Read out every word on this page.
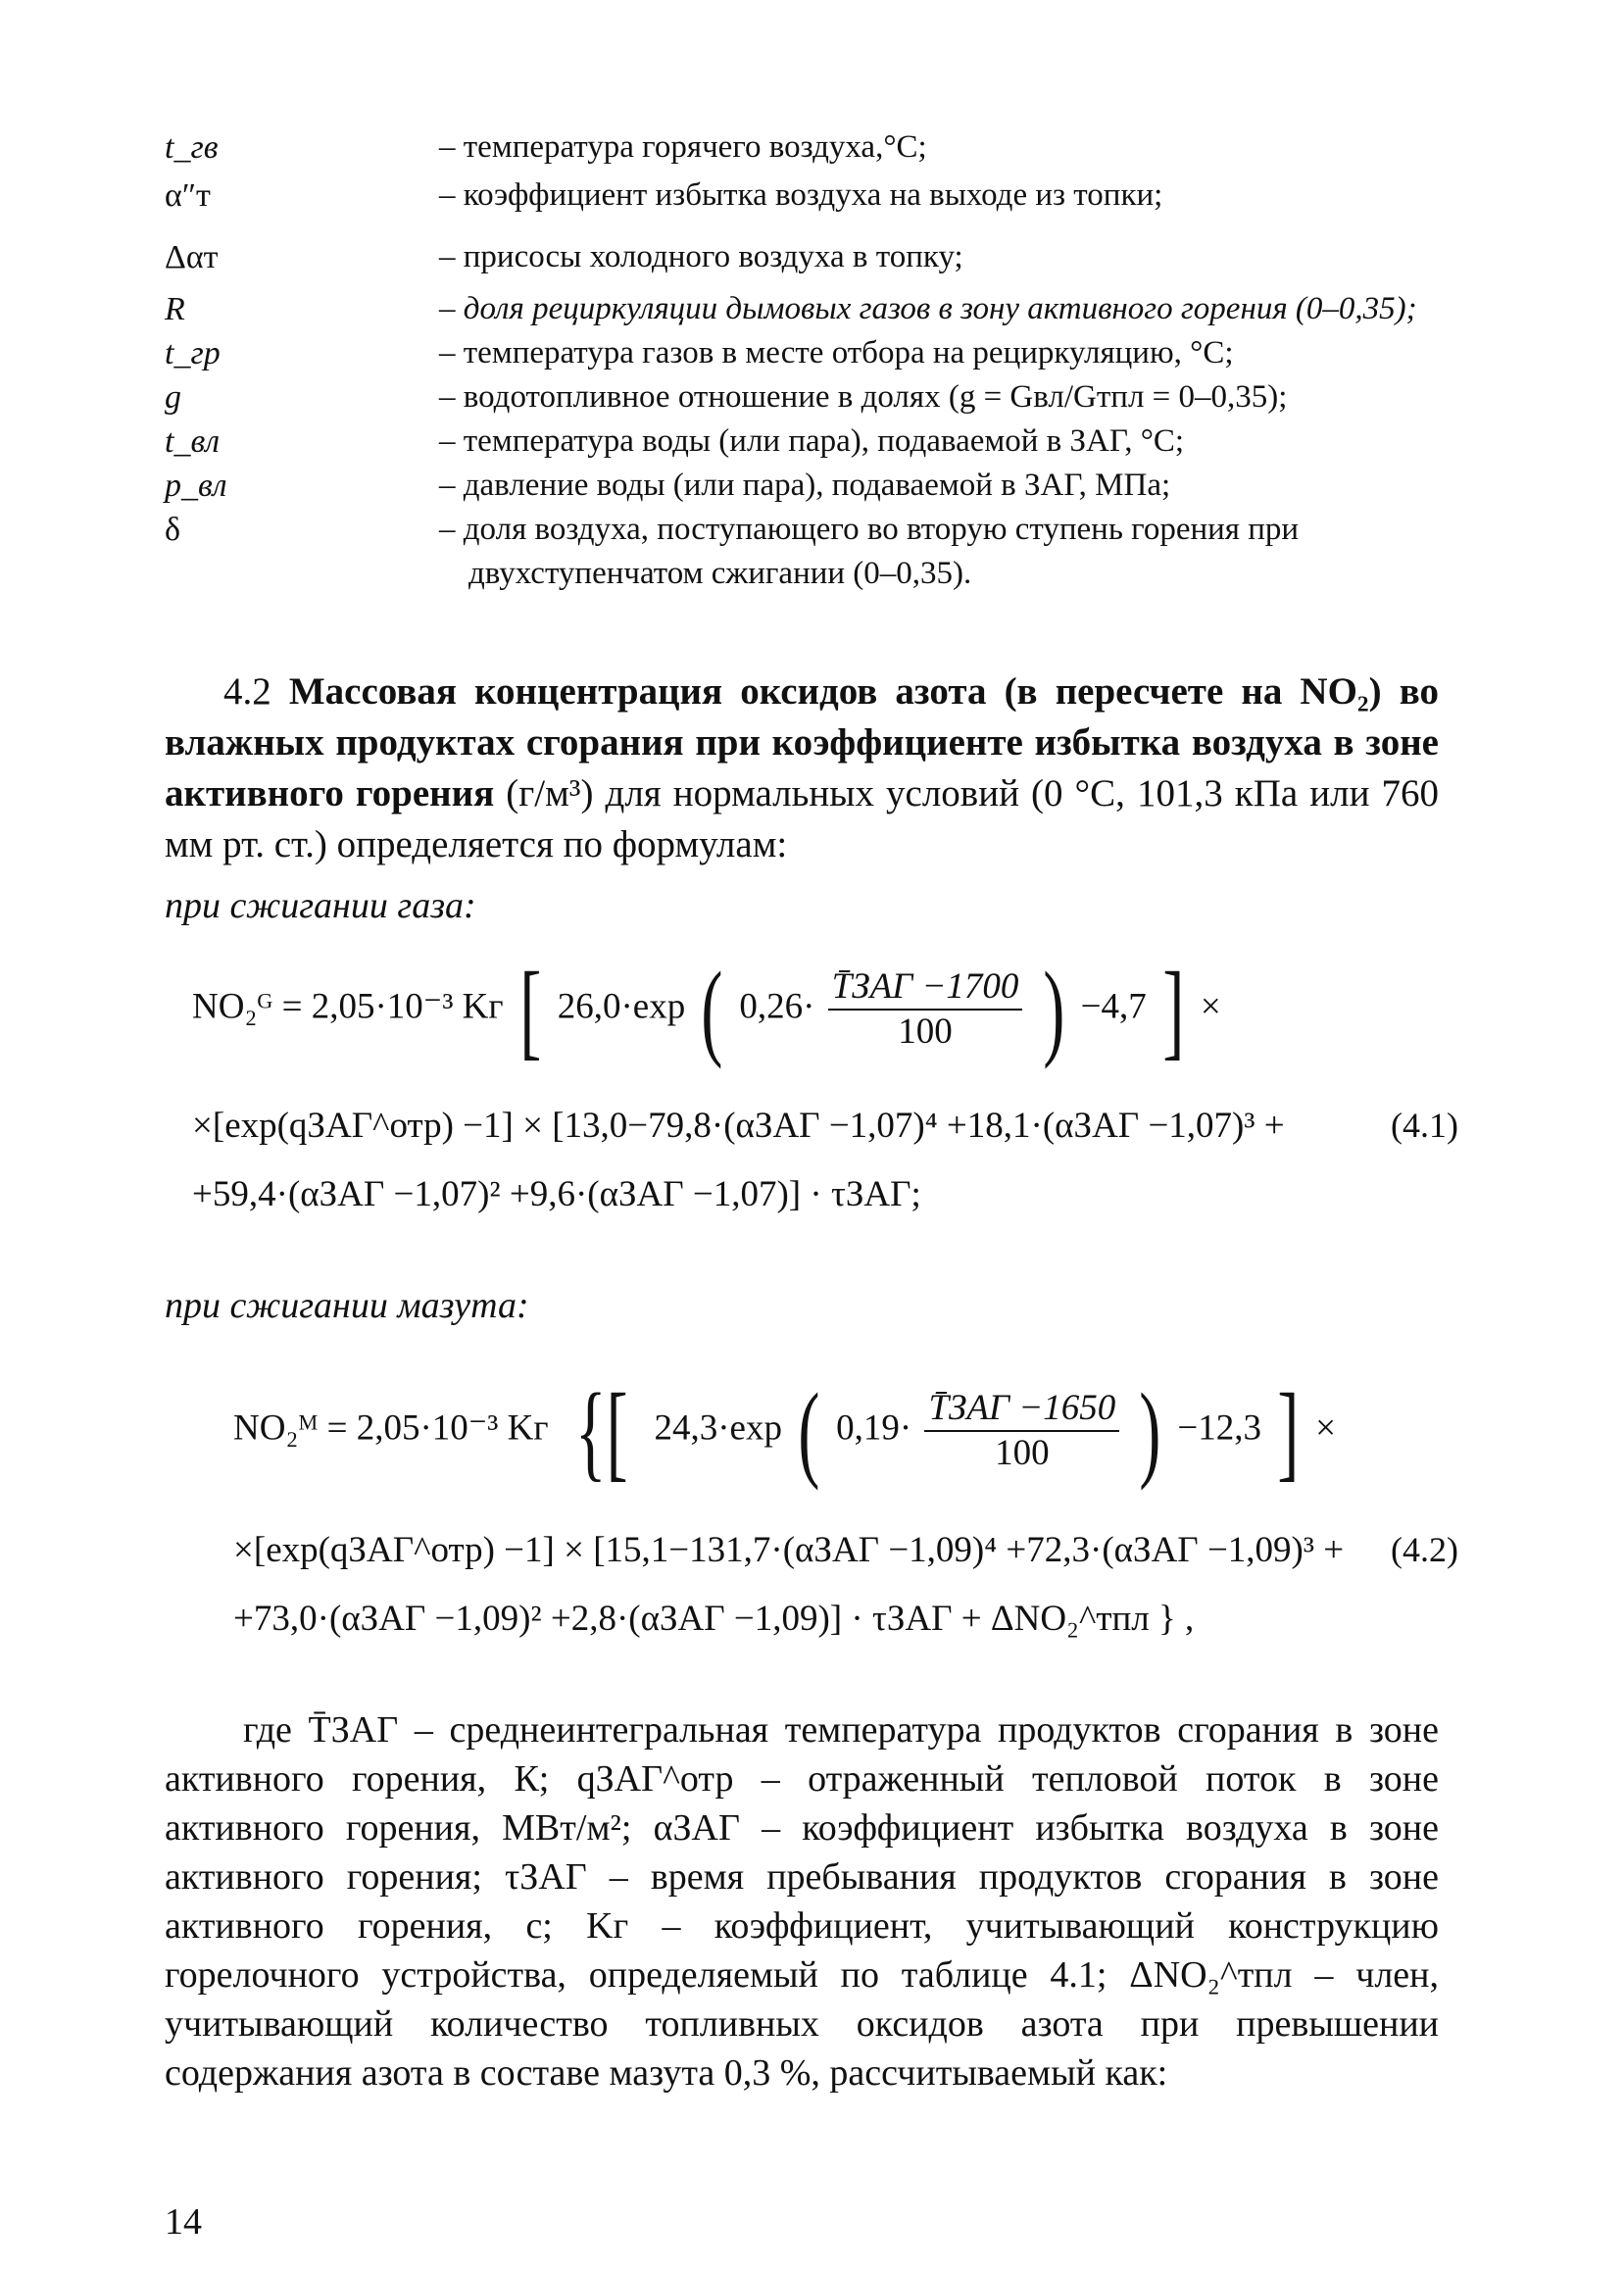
t_гв	– температура горячего воздуха,°С;
α″т	– коэффициент избытка воздуха на выходе из топки;
Δαт	– присосы холодного воздуха в топку;
R	– доля рециркуляции дымовых газов в зону активного горения (0–0,35);
t_гр	– температура газов в месте отбора на рециркуляцию, °С;
g	– водотопливное отношение в долях (g = Gвл/Gтпл = 0–0,35);
t_вл	– температура воды (или пара), подаваемой в ЗАГ, °С;
p_вл	– давление воды (или пара), подаваемой в ЗАГ, МПа;
δ	– доля воздуха, поступающего во вторую ступень горения при двухступенчатом сжигании (0–0,35).
4.2 Массовая концентрация оксидов азота (в пересчете на NO₂) во влажных продуктах сгорания при коэффициенте избытка воздуха в зоне активного горения (г/м³) для нормальных условий (0 °С, 101,3 кПа или 760 мм рт. ст.) определяется по формулам:
при сжигании газа:
NO₂ᴳ = 2,05·10⁻³ Kг [ 26,0·exp ( $0,26\cdot \frac{\text{T̄ЗАГ −1700}}{100}$ ) −4,7 ] ×
×[exp(qЗАГ^отр) −1] × [13,0−79,8·(αЗАГ −1,07)⁴ +18,1·(αЗАГ −1,07)³ +	(4.1)
+59,4·(αЗАГ −1,07)² +9,6·(αЗАГ −1,07)] · τЗАГ;
при сжигании мазута:
NO₂ᴹ = 2,05·10⁻³ Kг {[ 24,3·exp ( $0,19\cdot \frac{\text{T̄ЗАГ −1650}}{100}$ ) −12,3 ] ×
×[exp(qЗАГ^отр) −1] × [15,1−131,7·(αЗАГ −1,09)⁴ +72,3·(αЗАГ −1,09)³ + (4.2)
+73,0·(αЗАГ −1,09)² +2,8·(αЗАГ −1,09)] · τЗАГ + ΔNO₂^тпл } ,
где T̄ЗАГ – среднеинтегральная температура продуктов сгорания в зоне активного горения, К; qЗАГ^отр – отраженный тепловой поток в зоне активного горения, МВт/м²; αЗАГ – коэффициент избытка воздуха в зоне активного горения; τЗАГ – время пребывания продуктов сгорания в зоне активного горения, с; Kг – коэффициент, учитывающий конструкцию горелочного устройства, определяемый по таблице 4.1; ΔNO₂^тпл – член, учитывающий количество топливных оксидов азота при превышении содержания азота в составе мазута 0,3 %, рассчитываемый как:
14
